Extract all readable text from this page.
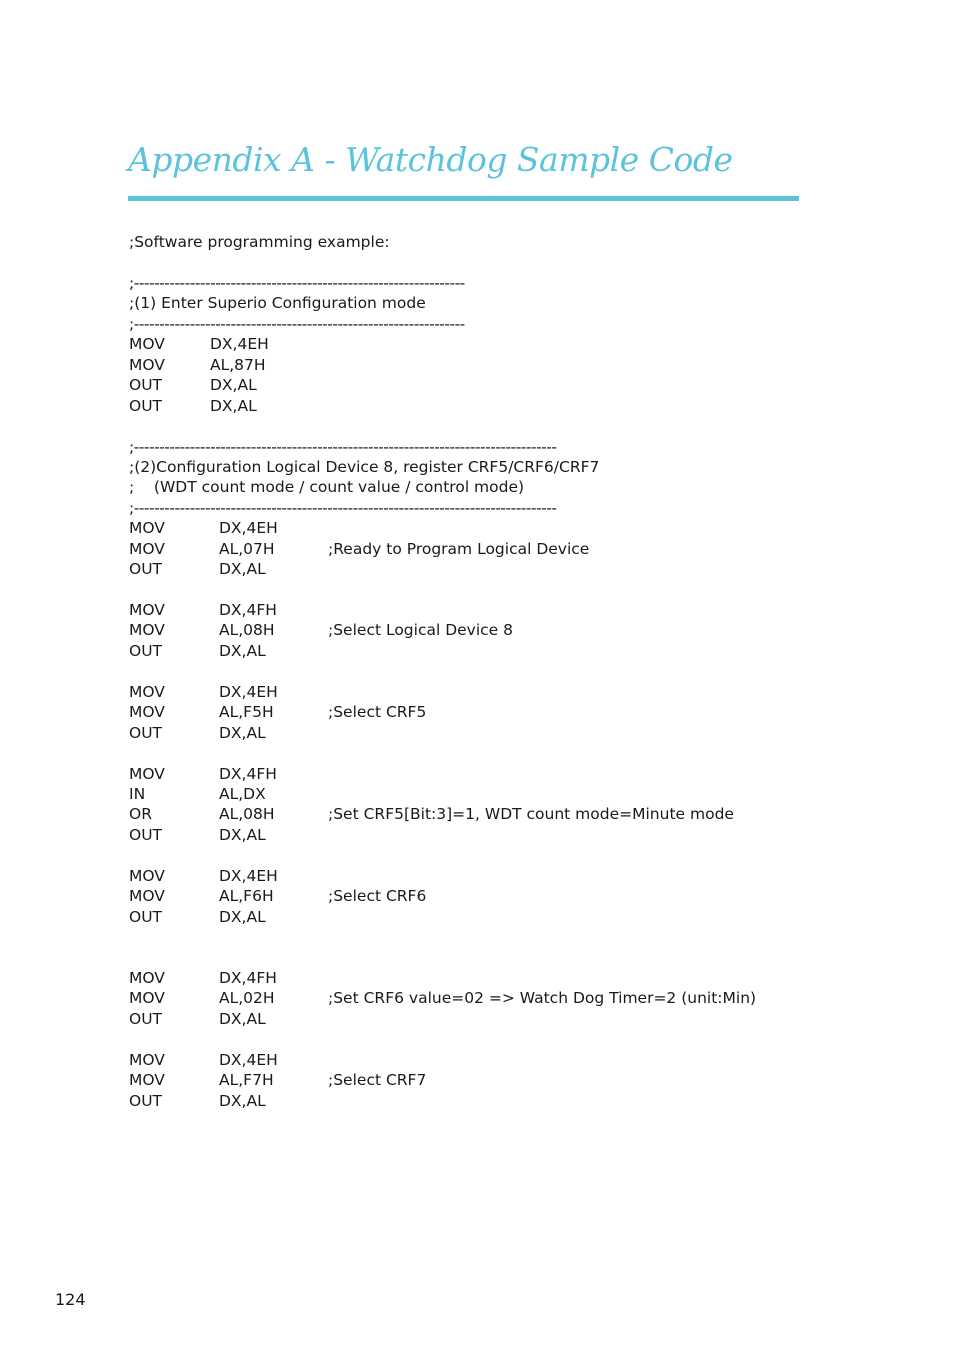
Appendix A - Watchdog Sample Code
;Software programming example:
;-----------------------------------------------------------------
;(1) Enter Superio Configuration mode
;-----------------------------------------------------------------
MOV	DX,4EH
MOV	AL,87H
OUT	DX,AL
OUT	DX,AL
;-----------------------------------------------------------------------------------
;(2)Configuration Logical Device 8, register CRF5/CRF6/CRF7
;    (WDT count mode / count value / control mode)
;-----------------------------------------------------------------------------------
MOV	DX,4EH
MOV	AL,07H	;Ready to Program Logical Device
OUT	DX,AL
MOV	DX,4FH
MOV	AL,08H	;Select Logical Device 8
OUT	DX,AL
MOV	DX,4EH
MOV	AL,F5H	;Select CRF5
OUT	DX,AL
MOV	DX,4FH
IN	AL,DX
OR	AL,08H	;Set CRF5[Bit:3]=1, WDT count mode=Minute mode
OUT	DX,AL
MOV	DX,4EH
MOV	AL,F6H	;Select CRF6
OUT	DX,AL
MOV	DX,4FH
MOV	AL,02H	;Set CRF6 value=02 => Watch Dog Timer=2 (unit:Min)
OUT	DX,AL
MOV	DX,4EH
MOV	AL,F7H	;Select CRF7
OUT	DX,AL
124
